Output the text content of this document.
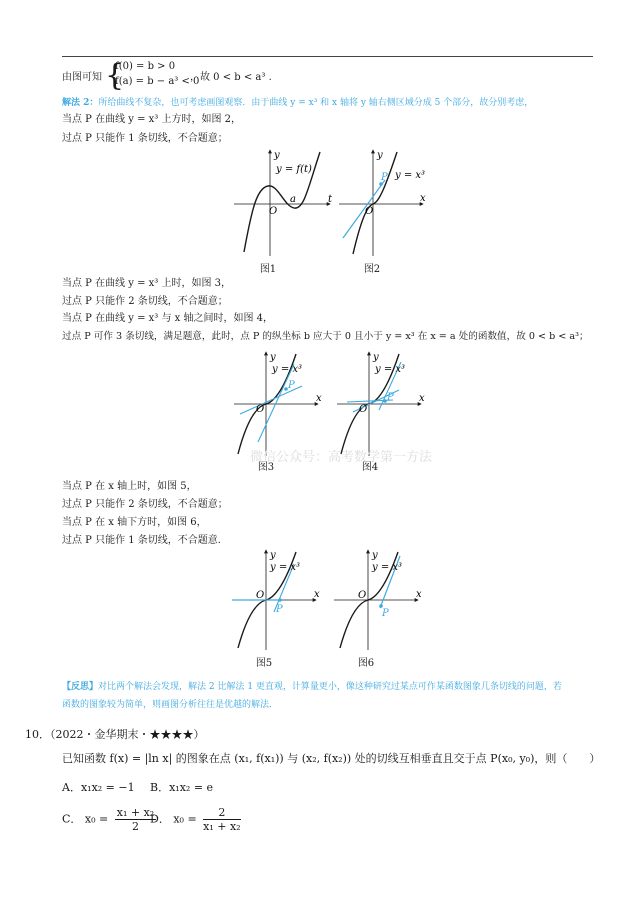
由图可知 {
f(0) = b > 0
f(a) = b − a³ < 0
，故 0 < b < a³ .
解法 2：所给曲线不复杂，也可考虑画图观察．由于曲线 y = x³ 和 x 轴将 y 轴右侧区域分成 5 个部分，故分别考虑，
当点 P 在曲线 y = x³ 上方时，如图 2，
过点 P 只能作 1 条切线，不合题意；
y = f(t)
y
t
O
a
图1
P y = x³
y
x
O
图2
当点 P 在曲线 y = x³ 上时，如图 3，
过点 P 只能作 2 条切线，不合题意；
当点 P 在曲线 y = x³ 与 x 轴之间时，如图 4，
过点 P 可作 3 条切线，满足题意，此时，点 P 的纵坐标 b 应大于 0 且小于 y = x³ 在 x = a 处的函数值，故 0 < b < a³；
P
y = x³
y
x
O
图3
P
y = x³
y
x
O
图4
微信公众号：高考数学第一方法
当点 P 在 x 轴上时，如图 5，
过点 P 只能作 2 条切线，不合题意；
当点 P 在 x 轴下方时，如图 6，
过点 P 只能作 1 条切线，不合题意．
P
y = x³
y
x
O
图5
P
y = x³
y
x
O
图6
【反思】对比两个解法会发现，解法 2 比解法 1 更直观，计算量更小，像这种研究过某点可作某函数图象几条切线的问题，若
函数的图象较为简单，则画图分析往往是优越的解法．
10．（2022・金华期末・★★★★）
已知函数 f(x) = |ln x| 的图象在点 (x₁, f(x₁)) 与 (x₂, f(x₂)) 处的切线互相垂直且交于点 P(x₀, y₀)，则（　　）
A．x₁x₂ = −1 B．x₁x₂ = e
C． $x_0 = \frac{\text{x₁ + x₂}}{2}$
D． $x_0 = \frac{2}{\text{x₁ + x₂}}$
